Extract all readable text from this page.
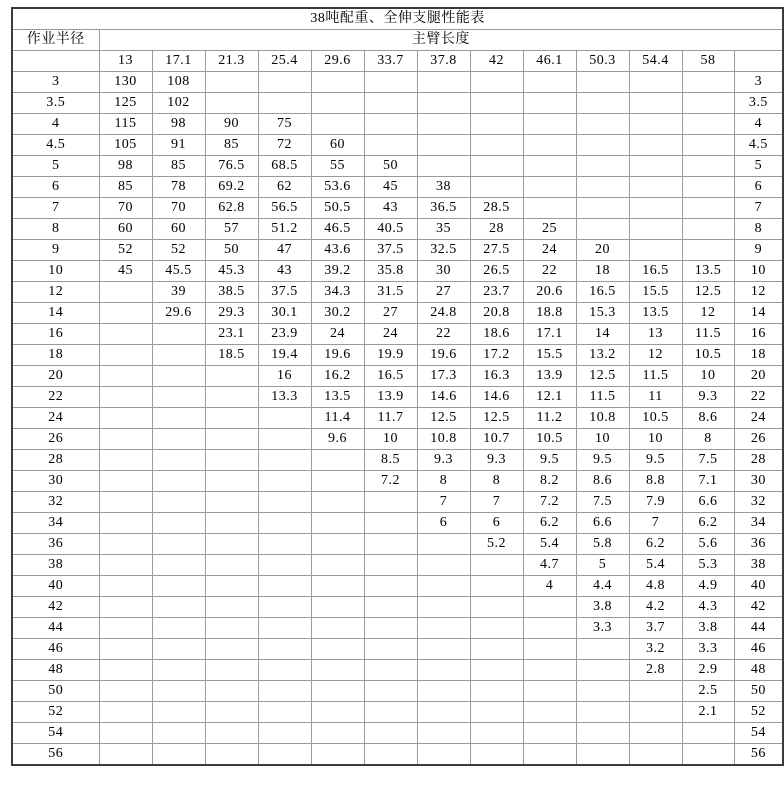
38吨配重、全伸支腿性能表													
作业半径	主臂长度												
	13	17.1	21.3	25.4	29.6	33.7	37.8	42	46.1	50.3	54.4	58	
3	130	108											3
3.5	125	102											3.5
4	115	98	90	75									4
4.5	105	91	85	72	60								4.5
5	98	85	76.5	68.5	55	50							5
6	85	78	69.2	62	53.6	45	38						6
7	70	70	62.8	56.5	50.5	43	36.5	28.5					7
8	60	60	57	51.2	46.5	40.5	35	28	25				8
9	52	52	50	47	43.6	37.5	32.5	27.5	24	20			9
10	45	45.5	45.3	43	39.2	35.8	30	26.5	22	18	16.5	13.5	10
12		39	38.5	37.5	34.3	31.5	27	23.7	20.6	16.5	15.5	12.5	12
14		29.6	29.3	30.1	30.2	27	24.8	20.8	18.8	15.3	13.5	12	14
16			23.1	23.9	24	24	22	18.6	17.1	14	13	11.5	16
18			18.5	19.4	19.6	19.9	19.6	17.2	15.5	13.2	12	10.5	18
20				16	16.2	16.5	17.3	16.3	13.9	12.5	11.5	10	20
22				13.3	13.5	13.9	14.6	14.6	12.1	11.5	11	9.3	22
24					11.4	11.7	12.5	12.5	11.2	10.8	10.5	8.6	24
26					9.6	10	10.8	10.7	10.5	10	10	8	26
28						8.5	9.3	9.3	9.5	9.5	9.5	7.5	28
30						7.2	8	8	8.2	8.6	8.8	7.1	30
32							7	7	7.2	7.5	7.9	6.6	32
34							6	6	6.2	6.6	7	6.2	34
36								5.2	5.4	5.8	6.2	5.6	36
38									4.7	5	5.4	5.3	38
40									4	4.4	4.8	4.9	40
42										3.8	4.2	4.3	42
44										3.3	3.7	3.8	44
46											3.2	3.3	46
48											2.8	2.9	48
50												2.5	50
52												2.1	52
54													54
56													56
